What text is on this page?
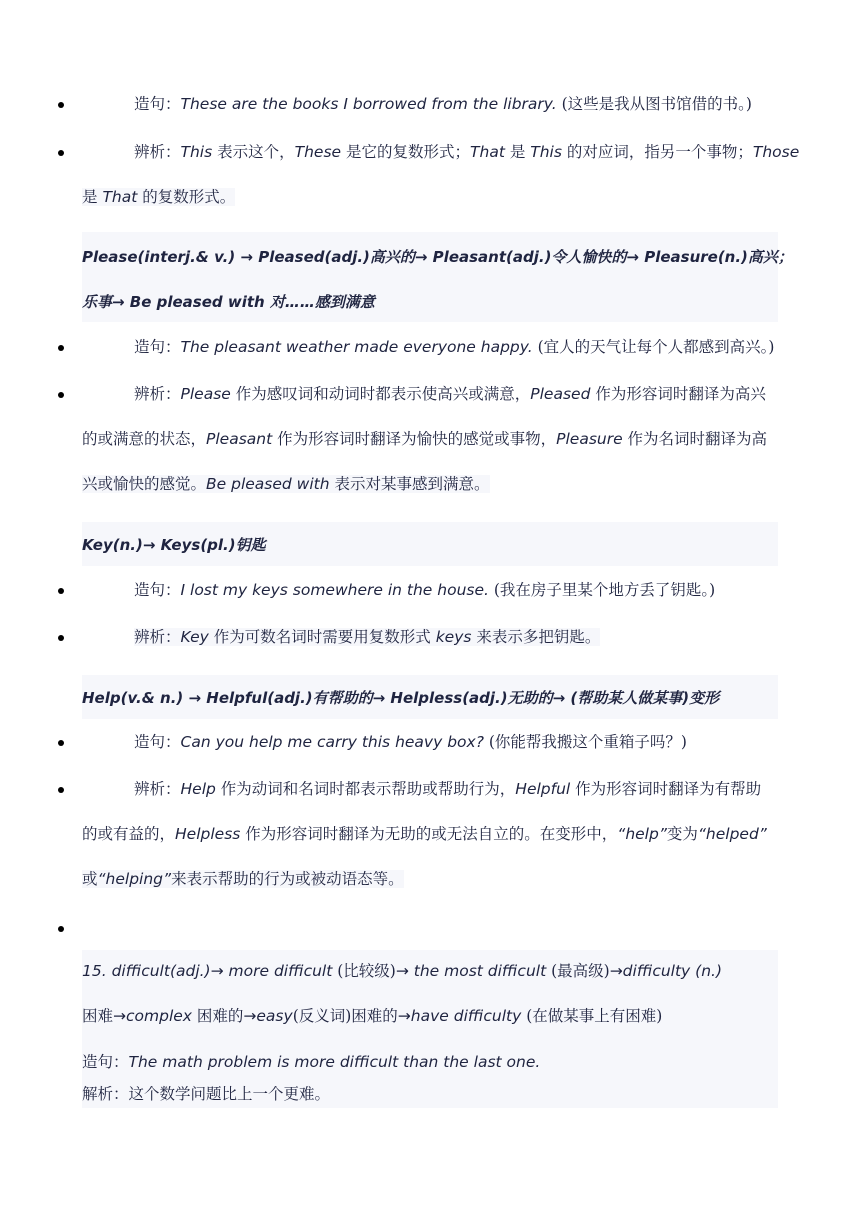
造句：These are the books I borrowed from the library. (这些是我从图书馆借的书。)
辨析：This 表示这个，These 是它的复数形式；That 是 This 的对应词，指另一个事物；Those
是 That 的复数形式。
Please(interj.& v.) → Pleased(adj.)高兴的→ Pleasant(adj.)令人愉快的→ Pleasure(n.)高兴；
乐事→ Be pleased with 对……感到满意
造句：The pleasant weather made everyone happy. (宜人的天气让每个人都感到高兴。)
辨析：Please 作为感叹词和动词时都表示使高兴或满意，Pleased 作为形容词时翻译为高兴
的或满意的状态，Pleasant 作为形容词时翻译为愉快的感觉或事物，Pleasure 作为名词时翻译为高
兴或愉快的感觉。Be pleased with 表示对某事感到满意。
Key(n.)→ Keys(pl.)钥匙
造句：I lost my keys somewhere in the house. (我在房子里某个地方丢了钥匙。)
辨析：Key 作为可数名词时需要用复数形式 keys 来表示多把钥匙。
Help(v.& n.) → Helpful(adj.)有帮助的→ Helpless(adj.)无助的→ (帮助某人做某事)变形
造句：Can you help me carry this heavy box? (你能帮我搬这个重箱子吗？)
辨析：Help 作为动词和名词时都表示帮助或帮助行为，Helpful 作为形容词时翻译为有帮助
的或有益的，Helpless 作为形容词时翻译为无助的或无法自立的。在变形中，“help”变为“helped”
或“helping”来表示帮助的行为或被动语态等。
15. difficult(adj.)→ more difficult (比较级)→ the most difficult (最高级)→difficulty (n.)
困难→complex 困难的→easy(反义词)困难的→have difficulty (在做某事上有困难)
造句：The math problem is more difficult than the last one.
解析：这个数学问题比上一个更难。
